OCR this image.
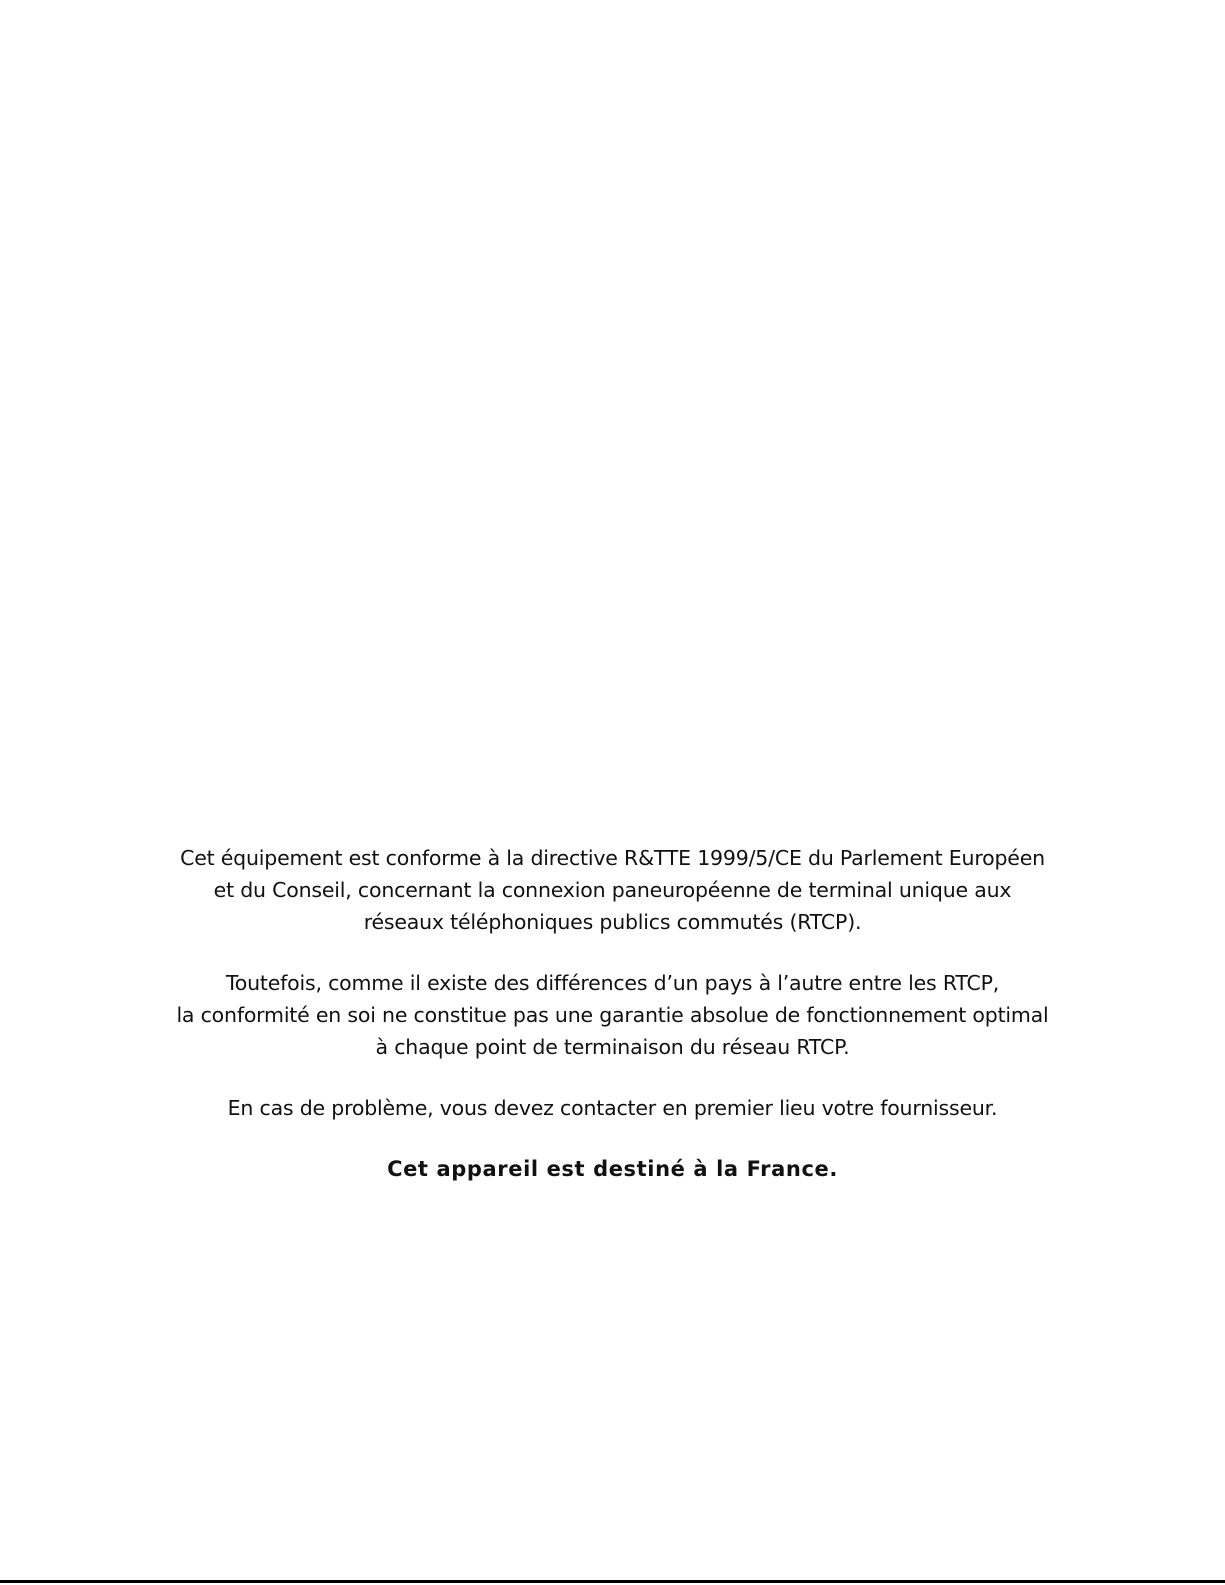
Cet équipement est conforme à la directive R&TTE 1999/5/CE du Parlement Européen
et du Conseil, concernant la connexion paneuropéenne de terminal unique aux
réseaux téléphoniques publics commutés (RTCP).

Toutefois, comme il existe des différences d’un pays à l’autre entre les RTCP,
la conformité en soi ne constitue pas une garantie absolue de fonctionnement optimal
à chaque point de terminaison du réseau RTCP.

En cas de problème, vous devez contacter en premier lieu votre fournisseur.

Cet appareil est destiné à la France.
